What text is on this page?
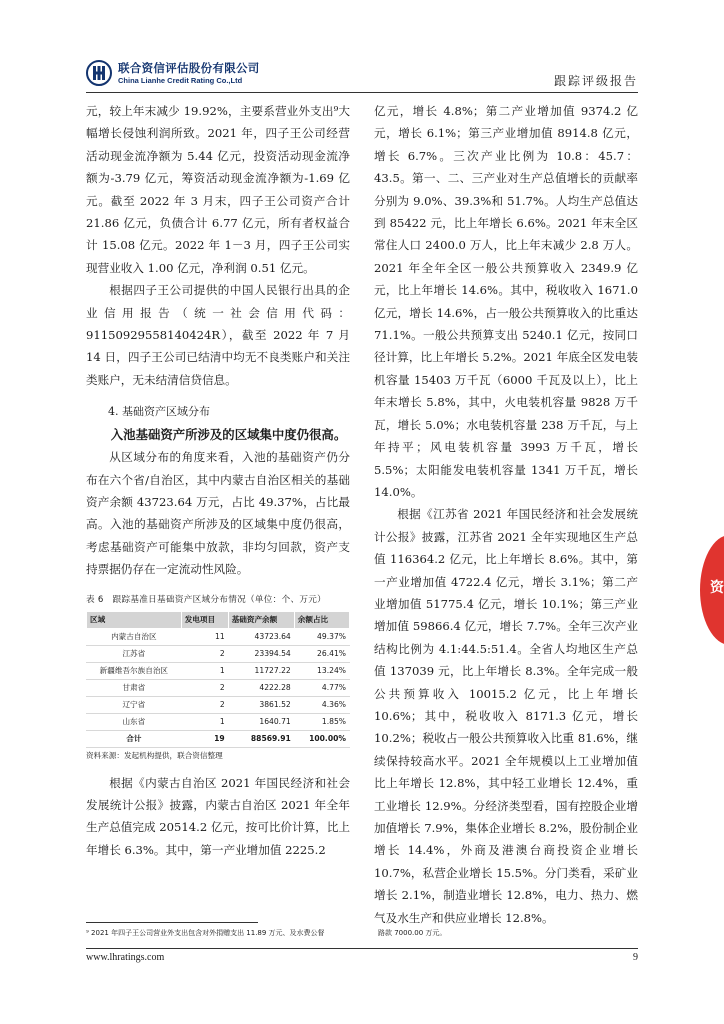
联合资信评估股份有限公司
China Lianhe Credit Rating Co.,Ltd	跟踪评级报告

元，较上年末减少 19.92%，主要系营业外支出⁹大幅增长侵蚀利润所致。2021 年，四子王公司经营活动现金流净额为 5.44 亿元，投资活动现金流净额为-3.79 亿元，筹资活动现金流净额为-1.69 亿元。截至 2022 年 3 月末，四子王公司资产合计 21.86 亿元，负债合计 6.77 亿元，所有者权益合计 15.08 亿元。2022 年 1－3 月，四子王公司实现营业收入 1.00 亿元，净利润 0.51 亿元。

根据四子王公司提供的中国人民银行出具的企业信用报告（统一社会信用代码：91150929558140424R），截至 2022 年 7 月 14 日，四子王公司已结清中均无不良类账户和关注类账户，无未结清信贷信息。

4. 基础资产区域分布

入池基础资产所涉及的区域集中度仍很高。

从区域分布的角度来看，入池的基础资产仍分布在六个省/自治区，其中内蒙古自治区相关的基础资产余额 43723.64 万元，占比 49.37%，占比最高。入池的基础资产所涉及的区域集中度仍很高，考虑基础资产可能集中放款，非均匀回款，资产支持票据仍存在一定流动性风险。

表 6　跟踪基准日基础资产区域分布情况（单位：个、万元）

区域	发电项目	基础资产余额	余额占比
内蒙古自治区	11	43723.64	49.37%
江苏省	2	23394.54	26.41%
新疆维吾尔族自治区	1	11727.22	13.24%
甘肃省	2	4222.28	4.77%
辽宁省	2	3861.52	4.36%
山东省	1	1640.71	1.85%
合计	19	88569.91	100.00%

资料来源：发起机构提供，联合资信整理

根据《内蒙古自治区 2021 年国民经济和社会发展统计公报》披露，内蒙古自治区 2021 年全年生产总值完成 20514.2 亿元，按可比价计算，比上年增长 6.3%。其中，第一产业增加值 2225.2

亿元，增长 4.8%；第二产业增加值 9374.2 亿元，增长 6.1%；第三产业增加值 8914.8 亿元，增长 6.7%。三次产业比例为 10.8：45.7：43.5。第一、二、三产业对生产总值增长的贡献率分别为 9.0%、39.3%和 51.7%。人均生产总值达到 85422 元，比上年增长 6.6%。2021 年末全区常住人口 2400.0 万人，比上年末减少 2.8 万人。2021 年全年全区一般公共预算收入 2349.9 亿元，比上年增长 14.6%。其中，税收收入 1671.0 亿元，增长 14.6%，占一般公共预算收入的比重达 71.1%。一般公共预算支出 5240.1 亿元，按同口径计算，比上年增长 5.2%。2021 年底全区发电装机容量 15403 万千瓦（6000 千瓦及以上），比上年末增长 5.8%，其中，火电装机容量 9828 万千瓦，增长 5.0%；水电装机容量 238 万千瓦，与上年持平；风电装机容量 3993 万千瓦，增长 5.5%；太阳能发电装机容量 1341 万千瓦，增长 14.0%。

根据《江苏省 2021 年国民经济和社会发展统计公报》披露，江苏省 2021 全年实现地区生产总值 116364.2 亿元，比上年增长 8.6%。其中，第一产业增加值 4722.4 亿元，增长 3.1%；第二产业增加值 51775.4 亿元，增长 10.1%；第三产业增加值 59866.4 亿元，增长 7.7%。全年三次产业结构比例为 4.1:44.5:51.4。全省人均地区生产总值 137039 元，比上年增长 8.3%。全年完成一般公共预算收入 10015.2 亿元，比上年增长 10.6%；其中，税收收入 8171.3 亿元，增长 10.2%；税收占一般公共预算收入比重 81.6%，继续保持较高水平。2021 全年规模以上工业增加值比上年增长 12.8%，其中轻工业增长 12.4%，重工业增长 12.9%。分经济类型看，国有控股企业增加值增长 7.9%，集体企业增长 8.2%，股份制企业增长 14.4%，外商及港澳台商投资企业增长 10.7%，私营企业增长 15.5%。分门类看，采矿业增长 2.1%，制造业增长 12.8%，电力、热力、燃气及水生产和供应业增长 12.8%。

资
⁹ 2021 年四子王公司营业外支出包含对外捐赠支出 11.89 万元、及水费公督	路款 7000.00 万元。
www.lhratings.com	9
